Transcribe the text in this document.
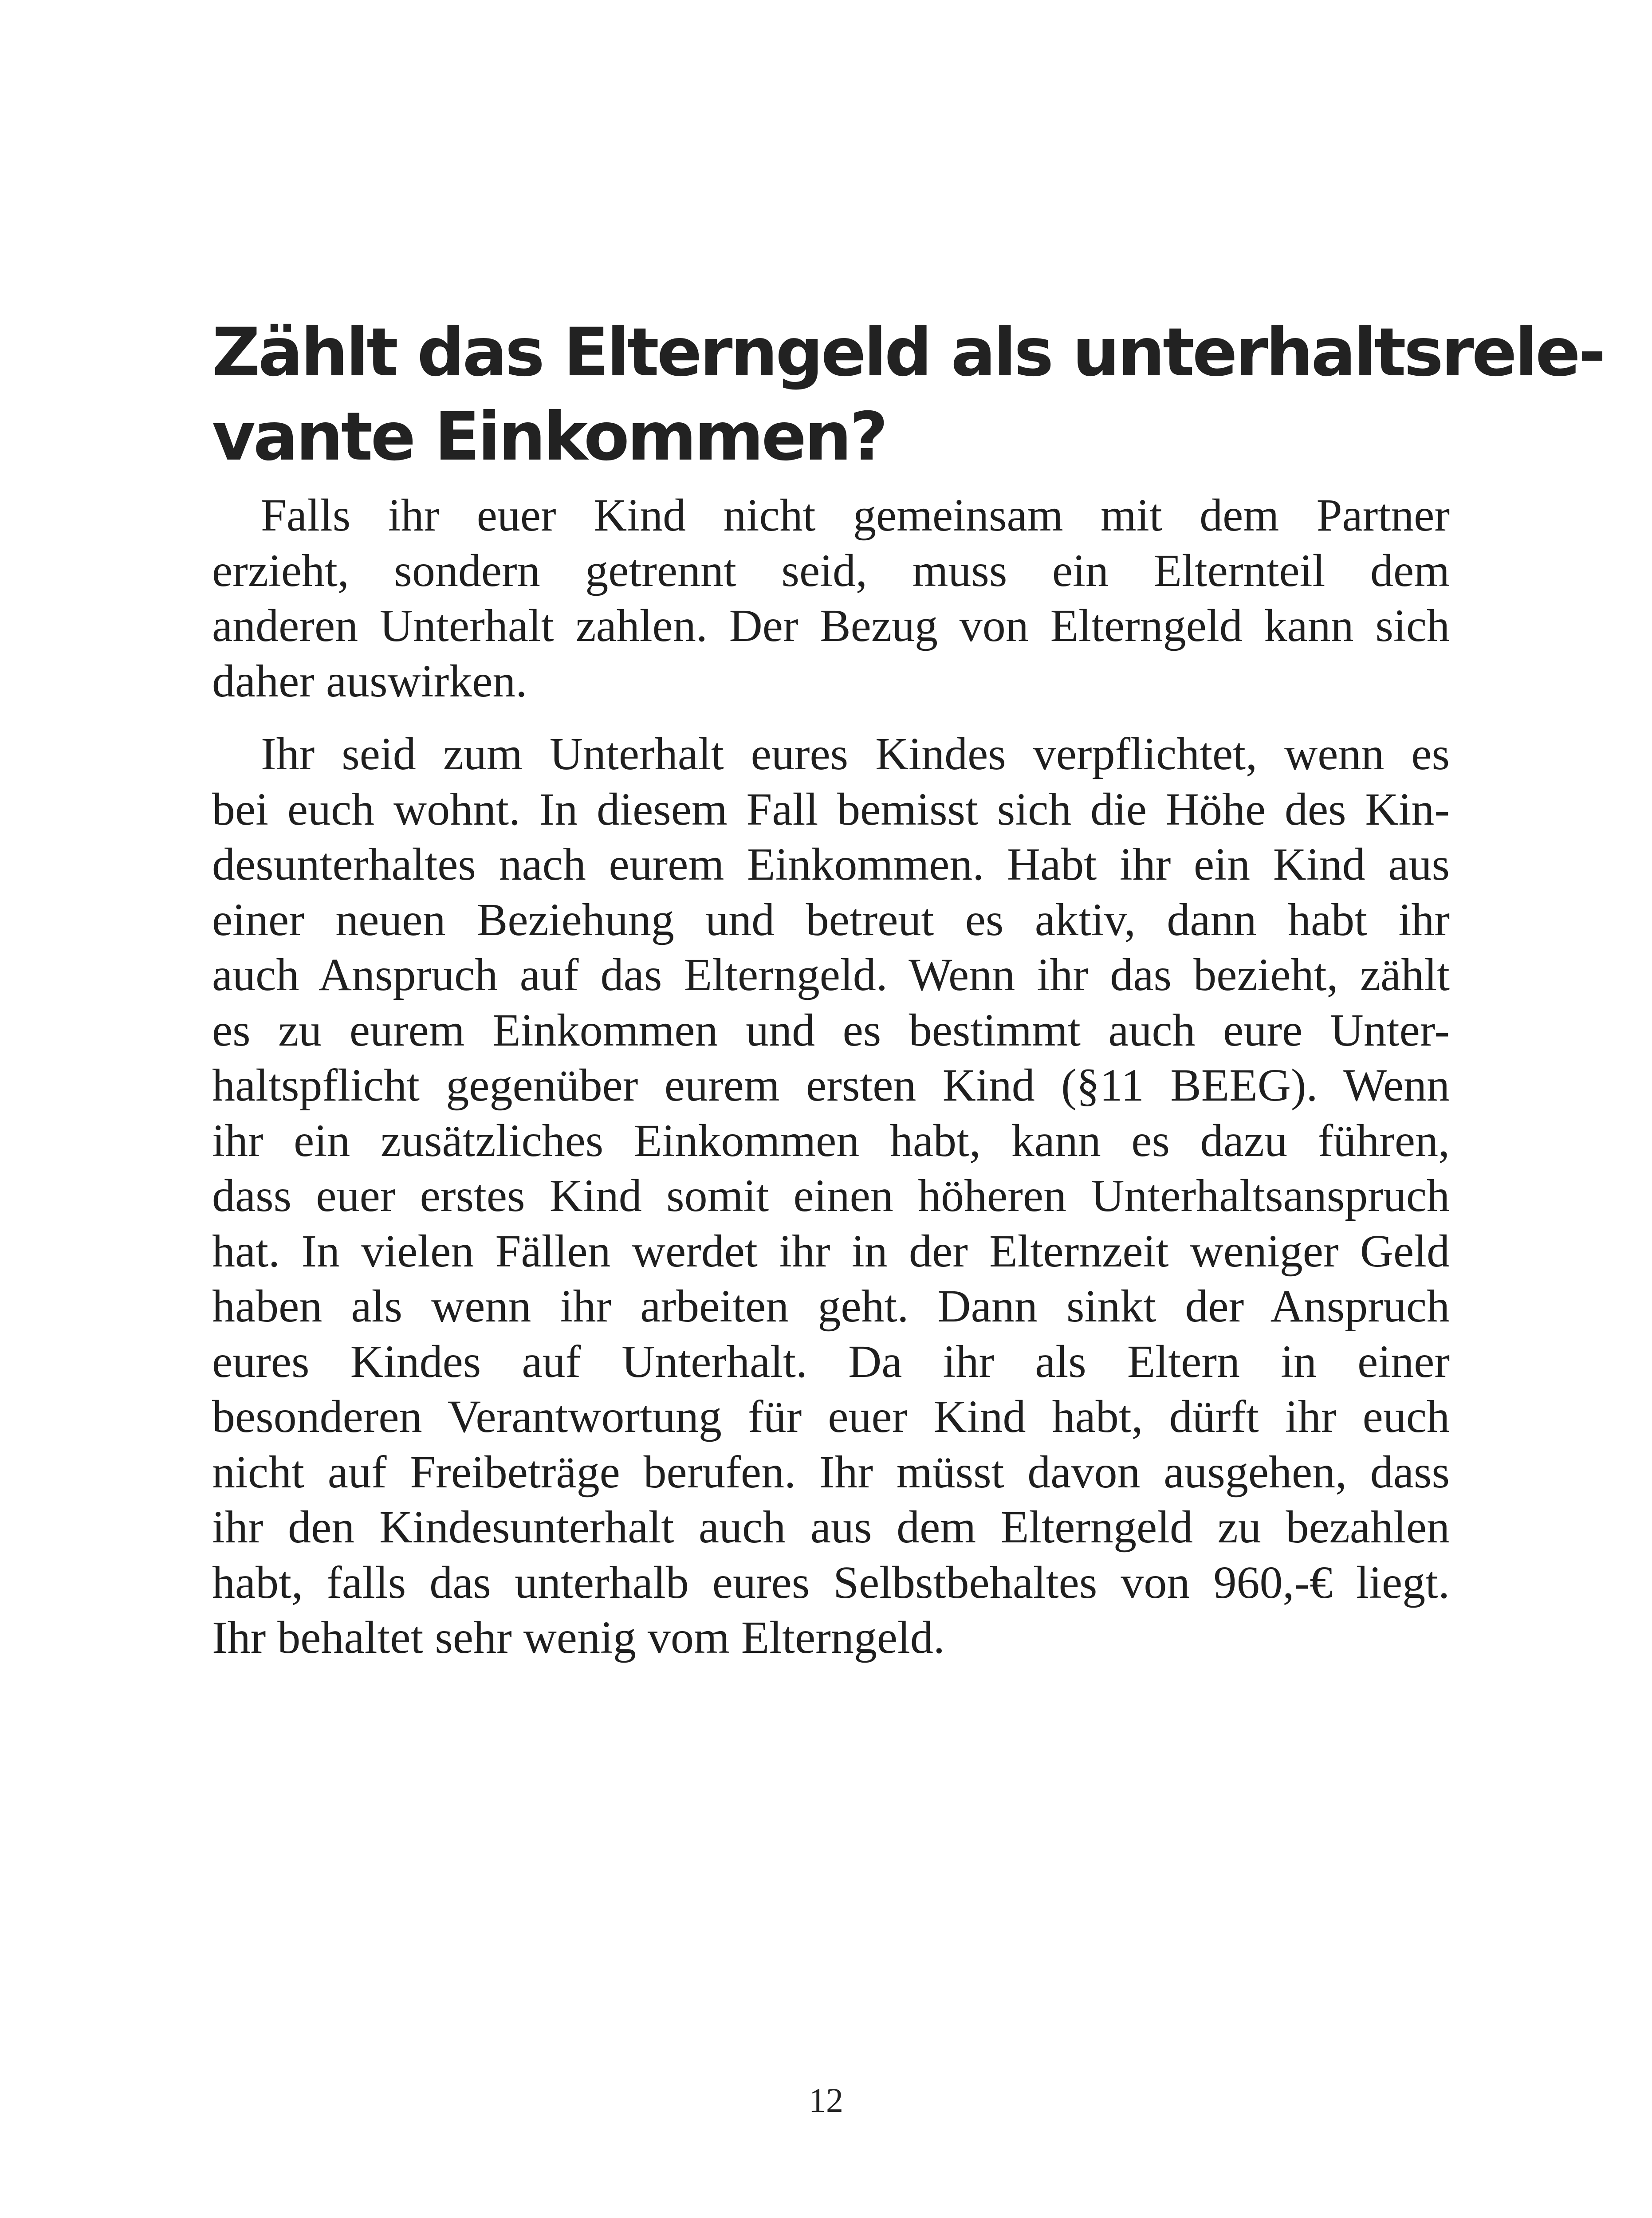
Zählt das Elterngeld als unterhaltsrele-
vante Einkommen?

Falls ihr euer Kind nicht gemeinsam mit dem Partner
erzieht, sondern getrennt seid, muss ein Elternteil dem
anderen Unterhalt zahlen. Der Bezug von Elterngeld kann sich
daher auswirken.

Ihr seid zum Unterhalt eures Kindes verpflichtet, wenn es
bei euch wohnt. In diesem Fall bemisst sich die Höhe des Kin-
desunterhaltes nach eurem Einkommen. Habt ihr ein Kind aus
einer neuen Beziehung und betreut es aktiv, dann habt ihr
auch Anspruch auf das Elterngeld. Wenn ihr das bezieht, zählt
es zu eurem Einkommen und es bestimmt auch eure Unter-
haltspflicht gegenüber eurem ersten Kind (§11 BEEG). Wenn
ihr ein zusätzliches Einkommen habt, kann es dazu führen,
dass euer erstes Kind somit einen höheren Unterhaltsanspruch
hat. In vielen Fällen werdet ihr in der Elternzeit weniger Geld
haben als wenn ihr arbeiten geht. Dann sinkt der Anspruch
eures Kindes auf Unterhalt. Da ihr als Eltern in einer
besonderen Verantwortung für euer Kind habt, dürft ihr euch
nicht auf Freibeträge berufen. Ihr müsst davon ausgehen, dass
ihr den Kindesunterhalt auch aus dem Elterngeld zu bezahlen
habt, falls das unterhalb eures Selbstbehaltes von 960,-€ liegt.
Ihr behaltet sehr wenig vom Elterngeld.

12
